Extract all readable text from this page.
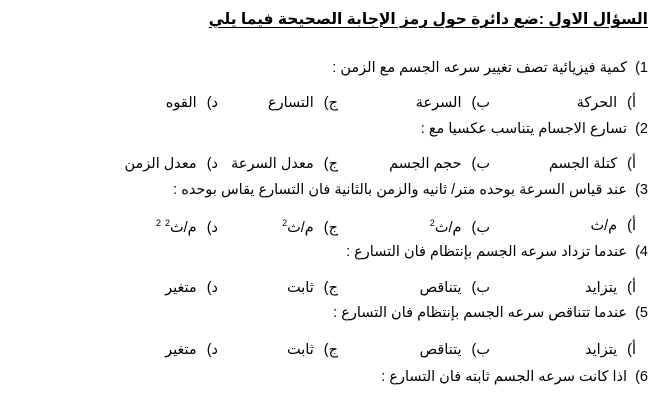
السؤال الاول :ضع دائرة حول رمز الإجابة الصحيحة فيما يلي
1) كمية فيزيائية تصف تغيير سرعه الجسم مع الزمن :
أ) الحركة
ب) السرعة
ج) التسارع
د) القوه
2) تسارع الاجسام يتناسب عكسيا مع :
أ) كتلة الجسم
ب) حجم الجسم
ج) معدل السرعة
د) معدل الزمن
3) عند قياس السرعة بوحده متر/ ثانيه والزمن بالثانية فان التسارع يقاس بوحده :
أ) م/ث
ب) م/ث$^2$
ج) م/ث$^2$
د) م/ث$^2$ $^2$
4) عندما تزداد سرعه الجسم بإنتظام فان التسارع :
أ) يتزايد
ب) يتناقص
ج) ثابت
د) متغير
5) عندما تتناقص سرعه الجسم بإنتظام فان التسارع :
أ) يتزايد
ب) يتناقص
ج) ثابت
د) متغير
6) اذا كانت سرعه الجسم ثابته فان التسارع :
